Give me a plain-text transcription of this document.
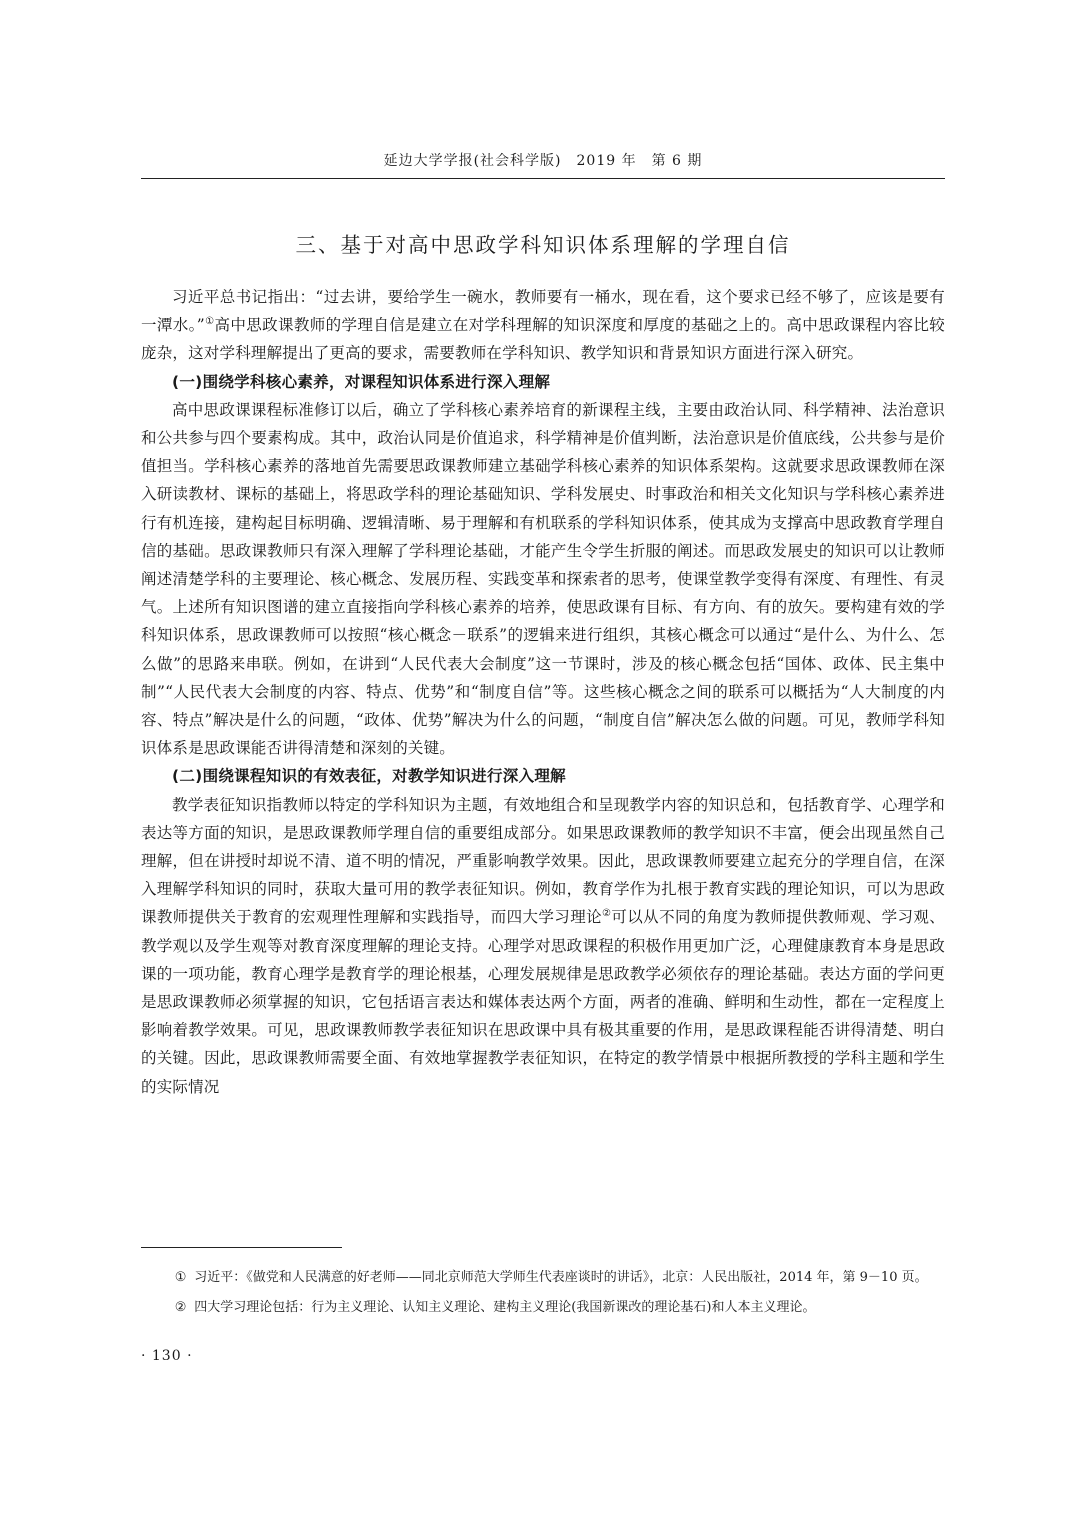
延边大学学报(社会科学版)　2019 年　第 6 期
三、基于对高中思政学科知识体系理解的学理自信

习近平总书记指出：“过去讲，要给学生一碗水，教师要有一桶水，现在看，这个要求已经不够了，应该是要有一潭水。”①高中思政课教师的学理自信是建立在对学科理解的知识深度和厚度的基础之上的。高中思政课程内容比较庞杂，这对学科理解提出了更高的要求，需要教师在学科知识、教学知识和背景知识方面进行深入研究。

(一)围绕学科核心素养，对课程知识体系进行深入理解

高中思政课课程标准修订以后，确立了学科核心素养培育的新课程主线，主要由政治认同、科学精神、法治意识和公共参与四个要素构成。其中，政治认同是价值追求，科学精神是价值判断，法治意识是价值底线，公共参与是价值担当。学科核心素养的落地首先需要思政课教师建立基础学科核心素养的知识体系架构。这就要求思政课教师在深入研读教材、课标的基础上，将思政学科的理论基础知识、学科发展史、时事政治和相关文化知识与学科核心素养进行有机连接，建构起目标明确、逻辑清晰、易于理解和有机联系的学科知识体系，使其成为支撑高中思政教育学理自信的基础。思政课教师只有深入理解了学科理论基础，才能产生令学生折服的阐述。而思政发展史的知识可以让教师阐述清楚学科的主要理论、核心概念、发展历程、实践变革和探索者的思考，使课堂教学变得有深度、有理性、有灵气。上述所有知识图谱的建立直接指向学科核心素养的培养，使思政课有目标、有方向、有的放矢。要构建有效的学科知识体系，思政课教师可以按照“核心概念－联系”的逻辑来进行组织，其核心概念可以通过“是什么、为什么、怎么做”的思路来串联。例如，在讲到“人民代表大会制度”这一节课时，涉及的核心概念包括“国体、政体、民主集中制”“人民代表大会制度的内容、特点、优势”和“制度自信”等。这些核心概念之间的联系可以概括为“人大制度的内容、特点”解决是什么的问题，“政体、优势”解决为什么的问题，“制度自信”解决怎么做的问题。可见，教师学科知识体系是思政课能否讲得清楚和深刻的关键。

(二)围绕课程知识的有效表征，对教学知识进行深入理解

教学表征知识指教师以特定的学科知识为主题，有效地组合和呈现教学内容的知识总和，包括教育学、心理学和表达等方面的知识，是思政课教师学理自信的重要组成部分。如果思政课教师的教学知识不丰富，便会出现虽然自己理解，但在讲授时却说不清、道不明的情况，严重影响教学效果。因此，思政课教师要建立起充分的学理自信，在深入理解学科知识的同时，获取大量可用的教学表征知识。例如，教育学作为扎根于教育实践的理论知识，可以为思政课教师提供关于教育的宏观理性理解和实践指导，而四大学习理论②可以从不同的角度为教师提供教师观、学习观、教学观以及学生观等对教育深度理解的理论支持。心理学对思政课程的积极作用更加广泛，心理健康教育本身是思政课的一项功能，教育心理学是教育学的理论根基，心理发展规律是思政教学必须依存的理论基础。表达方面的学问更是思政课教师必须掌握的知识，它包括语言表达和媒体表达两个方面，两者的准确、鲜明和生动性，都在一定程度上影响着教学效果。可见，思政课教师教学表征知识在思政课中具有极其重要的作用，是思政课程能否讲得清楚、明白的关键。因此，思政课教师需要全面、有效地掌握教学表征知识，在特定的教学情景中根据所教授的学科主题和学生的实际情况

① 习近平：《做党和人民满意的好老师——同北京师范大学师生代表座谈时的讲话》，北京：人民出版社，2014 年，第 9－10 页。

② 四大学习理论包括：行为主义理论、认知主义理论、建构主义理论(我国新课改的理论基石)和人本主义理论。

· 130 ·
